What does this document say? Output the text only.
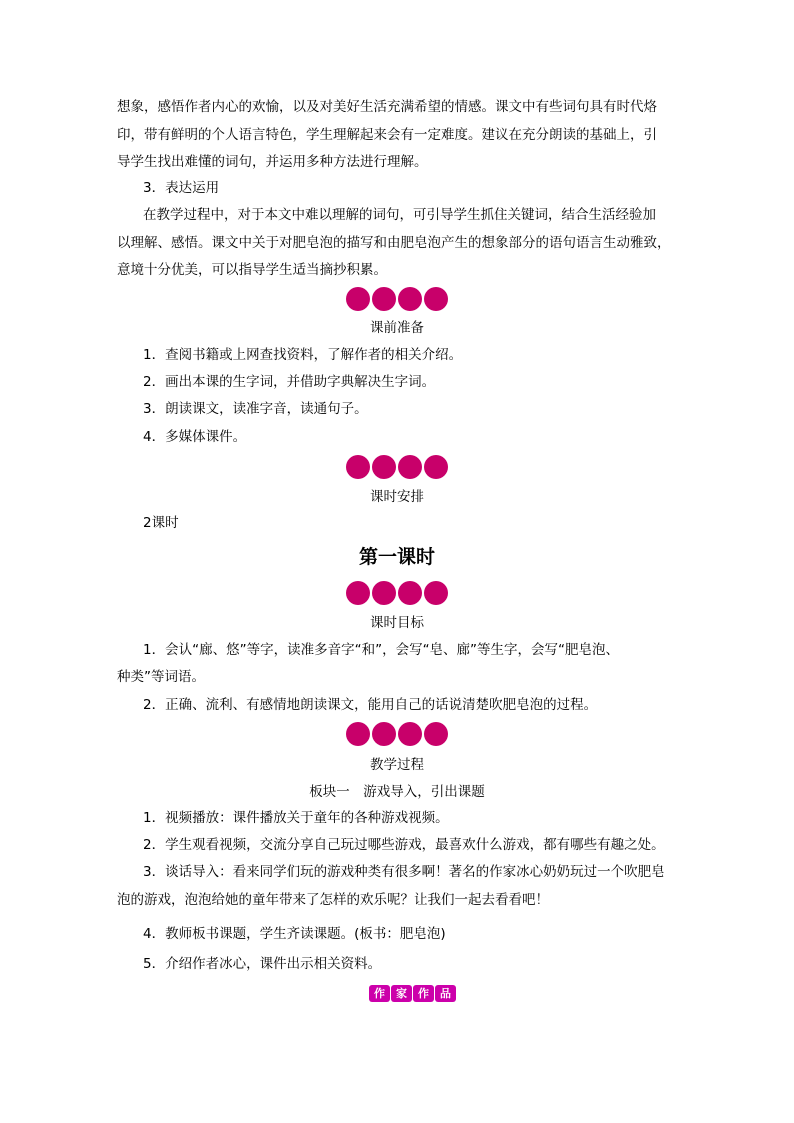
想象，感悟作者内心的欢愉，以及对美好生活充满希望的情感。课文中有些词句具有时代烙
印，带有鲜明的个人语言特色，学生理解起来会有一定难度。建议在充分朗读的基础上，引
导学生找出难懂的词句，并运用多种方法进行理解。
3．表达运用
在教学过程中，对于本文中难以理解的词句，可引导学生抓住关键词，结合生活经验加
以理解、感悟。课文中关于对肥皂泡的描写和由肥皂泡产生的想象部分的语句语言生动雅致，
意境十分优美，可以指导学生适当摘抄积累。
课前准备
1．查阅书籍或上网查找资料，了解作者的相关介绍。
2．画出本课的生字词，并借助字典解决生字词。
3．朗读课文，读准字音，读通句子。
4．多媒体课件。
课时安排
2课时
第一课时
课时目标
1．会认“廊、悠”等字，读准多音字“和”，会写“皂、廊”等生字，会写“肥皂泡、
种类”等词语。
2．正确、流利、有感情地朗读课文，能用自己的话说清楚吹肥皂泡的过程。
教学过程
板块一　游戏导入，引出课题
1．视频播放：课件播放关于童年的各种游戏视频。
2．学生观看视频，交流分享自己玩过哪些游戏，最喜欢什么游戏，都有哪些有趣之处。
3．谈话导入：看来同学们玩的游戏种类有很多啊！著名的作家冰心奶奶玩过一个吹肥皂
泡的游戏，泡泡给她的童年带来了怎样的欢乐呢？让我们一起去看看吧！
4．教师板书课题，学生齐读课题。(板书：肥皂泡)
5．介绍作者冰心，课件出示相关资料。
作	家	作	品
